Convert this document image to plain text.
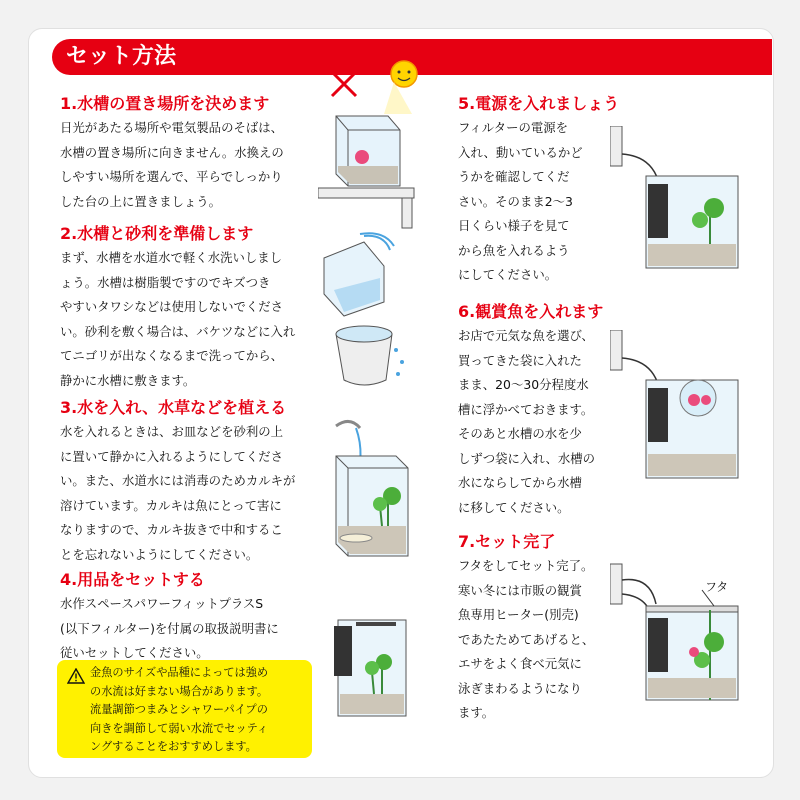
セット方法
1.水槽の置き場所を決めます
日光があたる場所や電気製品のそばは、
水槽の置き場所に向きません。水換えの
しやすい場所を選んで、平らでしっかり
した台の上に置きましょう。
2.水槽と砂利を準備します
まず、水槽を水道水で軽く水洗いしまし
ょう。水槽は樹脂製ですのでキズつき
やすいタワシなどは使用しないでくださ
い。砂利を敷く場合は、バケツなどに入れ
てニゴリが出なくなるまで洗ってから、
静かに水槽に敷きます。
3.水を入れ、水草などを植える
水を入れるときは、お皿などを砂利の上
に置いて静かに入れるようにしてくださ
い。また、水道水には消毒のためカルキが
溶けています。カルキは魚にとって害に
なりますので、カルキ抜きで中和するこ
とを忘れないようにしてください。
4.用品をセットする
水作スペースパワーフィットプラスS
(以下フィルター)を付属の取扱説明書に
従いセットしてください。
5.電源を入れましょう
フィルターの電源を
入れ、動いているかど
うかを確認してくだ
さい。そのまま2～3
日くらい様子を見て
から魚を入れるよう
にしてください。
6.観賞魚を入れます
お店で元気な魚を選び、
買ってきた袋に入れた
まま、20～30分程度水
槽に浮かべておきます。
そのあと水槽の水を少
しずつ袋に入れ、水槽の
水にならしてから水槽
に移してください。
7.セット完了
フタをしてセット完了。
寒い冬には市販の観賞
魚専用ヒーター(別売)
であたためてあげると、
エサをよく食べ元気に
泳ぎまわるようになり
ます。
金魚のサイズや品種によっては強め
の水流は好まない場合があります。
流量調節つまみとシャワーパイプの
向きを調節して弱い水流でセッティ
ングすることをおすすめします。
フタ
